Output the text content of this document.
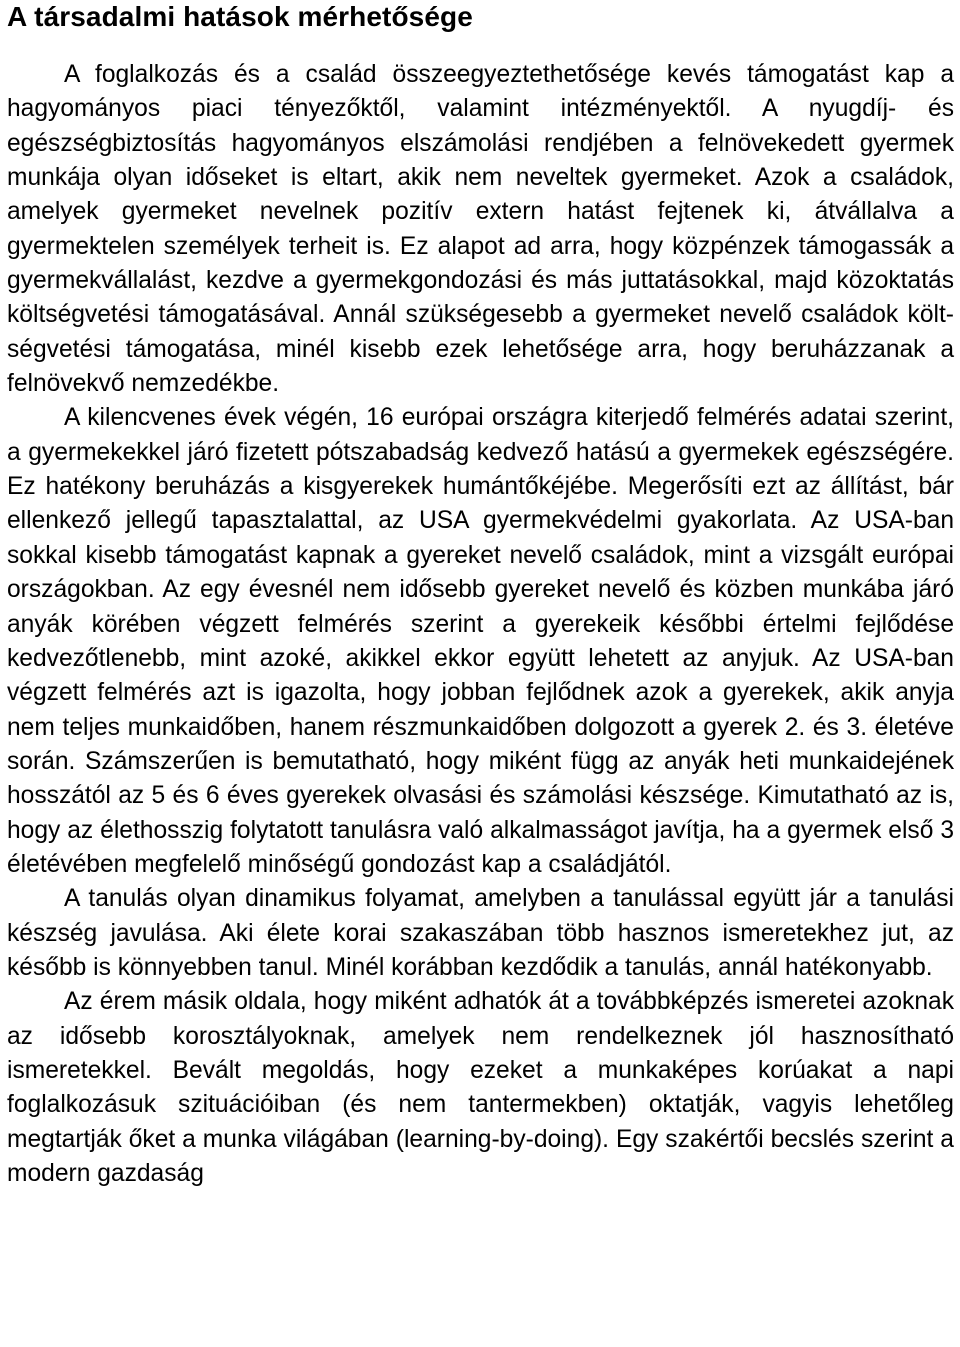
A társadalmi hatások mérhetősége

A foglalkozás és a család összeegyeztethetősége kevés támogatást kap a hagyományos piaci tényezőktől, valamint intézményektől. A nyugdíj- és egészségbiztosítás hagyományos elszámolási rendjében a felnövekedett gyermek munkája olyan időseket is eltart, akik nem neveltek gyermeket. Azok a családok, amelyek gyermeket nevelnek pozitív extern hatást fejtenek ki, átvállalva a gyermektelen személyek terheit is. Ez alapot ad arra, hogy közpénzek támogassák a gyermekvállalást, kezdve a gyermekgondozási és más juttatásokkal, majd közoktatás költségvetési támogatásával. Annál szükségesebb a gyermeket nevelő családok költségvetési támogatása, minél kisebb ezek lehetősége arra, hogy beruházzanak a felnövekvő nemzedékbe.

A kilencvenes évek végén, 16 európai országra kiterjedő felmérés adatai szerint, a gyermekekkel járó fizetett pótszabadság kedvező hatású a gyermekek egészségére. Ez hatékony beruházás a kisgyerekek humántőkéjébe. Megerősíti ezt az állítást, bár ellenkező jellegű tapasztalattal, az USA gyermekvédelmi gyakorlata. Az USA-ban sokkal kisebb támogatást kapnak a gyereket nevelő családok, mint a vizsgált európai országokban. Az egy évesnél nem idősebb gyereket nevelő és közben munkába járó anyák körében végzett felmérés szerint a gyerekeik későbbi értelmi fejlődése kedvezőtlenebb, mint azoké, akikkel ekkor együtt lehetett az anyjuk. Az USA-ban végzett felmérés azt is igazolta, hogy jobban fejlődnek azok a gyerekek, akik anyja nem teljes munkaidőben, hanem részmunkaidőben dolgozott a gyerek 2. és 3. életéve során. Számszerűen is bemutatható, hogy miként függ az anyák heti munkaidejének hosszától az 5 és 6 éves gyerekek olvasási és számolási készsége. Kimutatható az is, hogy az élethosszig folytatott tanulásra való alkalmasságot javítja, ha a gyermek első 3 életévében megfelelő minőségű gondozást kap a családjától.

A tanulás olyan dinamikus folyamat, amelyben a tanulással együtt jár a tanulási készség javulása. Aki élete korai szakaszában több hasznos ismeretekhez jut, az később is könnyebben tanul. Minél korábban kezdődik a tanulás, annál hatékonyabb.

Az érem másik oldala, hogy miként adhatók át a továbbképzés ismeretei azoknak az idősebb korosztályoknak, amelyek nem rendelkeznek jól hasznosítható ismeretekkel. Bevált megoldás, hogy ezeket a munkaképes korúakat a napi foglalkozásuk szituációiban (és nem tantermekben) oktatják, vagyis lehetőleg megtartják őket a munka világában (learning-by-doing). Egy szakértői becslés szerint a modern gazdaság
